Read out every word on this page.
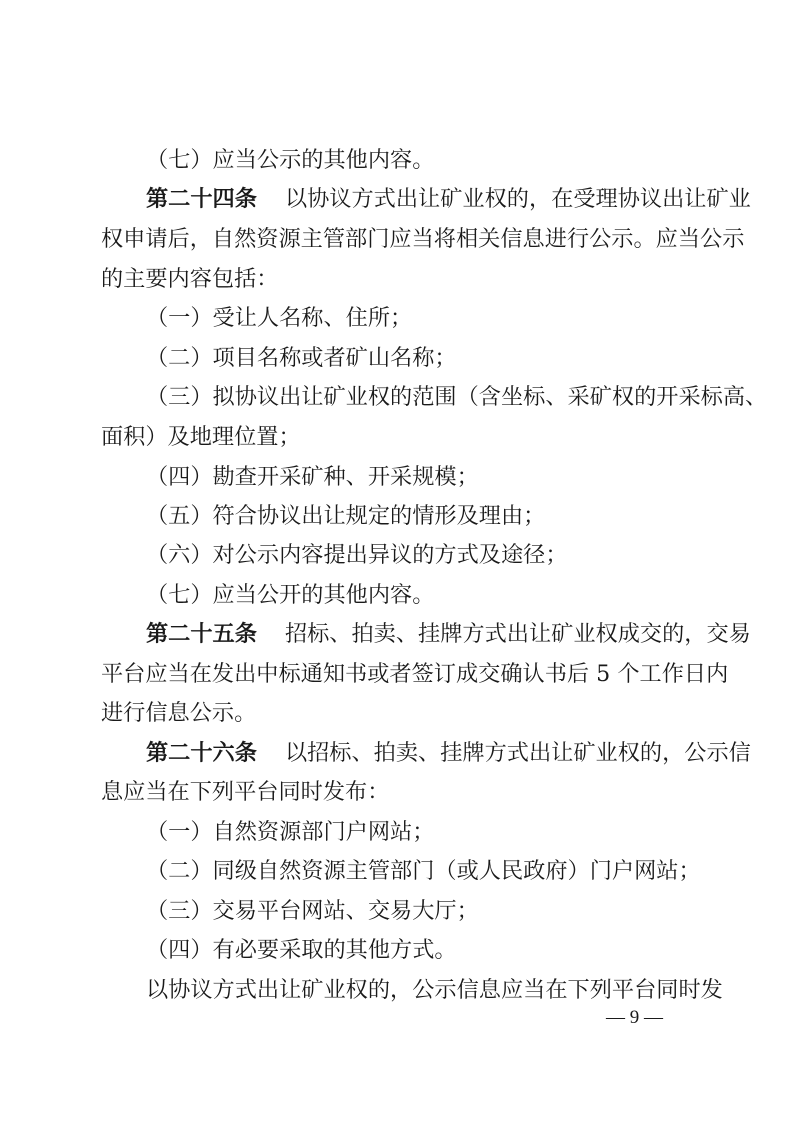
（七）应当公示的其他内容。
第二十四条 以协议方式出让矿业权的，在受理协议出让矿业
权申请后，自然资源主管部门应当将相关信息进行公示。应当公示
的主要内容包括：
（一）受让人名称、住所；
（二）项目名称或者矿山名称；
（三）拟协议出让矿业权的范围（含坐标、采矿权的开采标高、
面积）及地理位置；
（四）勘查开采矿种、开采规模；
（五）符合协议出让规定的情形及理由；
（六）对公示内容提出异议的方式及途径；
（七）应当公开的其他内容。
第二十五条 招标、拍卖、挂牌方式出让矿业权成交的，交易
平台应当在发出中标通知书或者签订成交确认书后 5 个工作日内
进行信息公示。
第二十六条 以招标、拍卖、挂牌方式出让矿业权的，公示信
息应当在下列平台同时发布：
（一）自然资源部门户网站；
（二）同级自然资源主管部门（或人民政府）门户网站；
（三）交易平台网站、交易大厅；
（四）有必要采取的其他方式。
以协议方式出让矿业权的，公示信息应当在下列平台同时发
— 9 —
